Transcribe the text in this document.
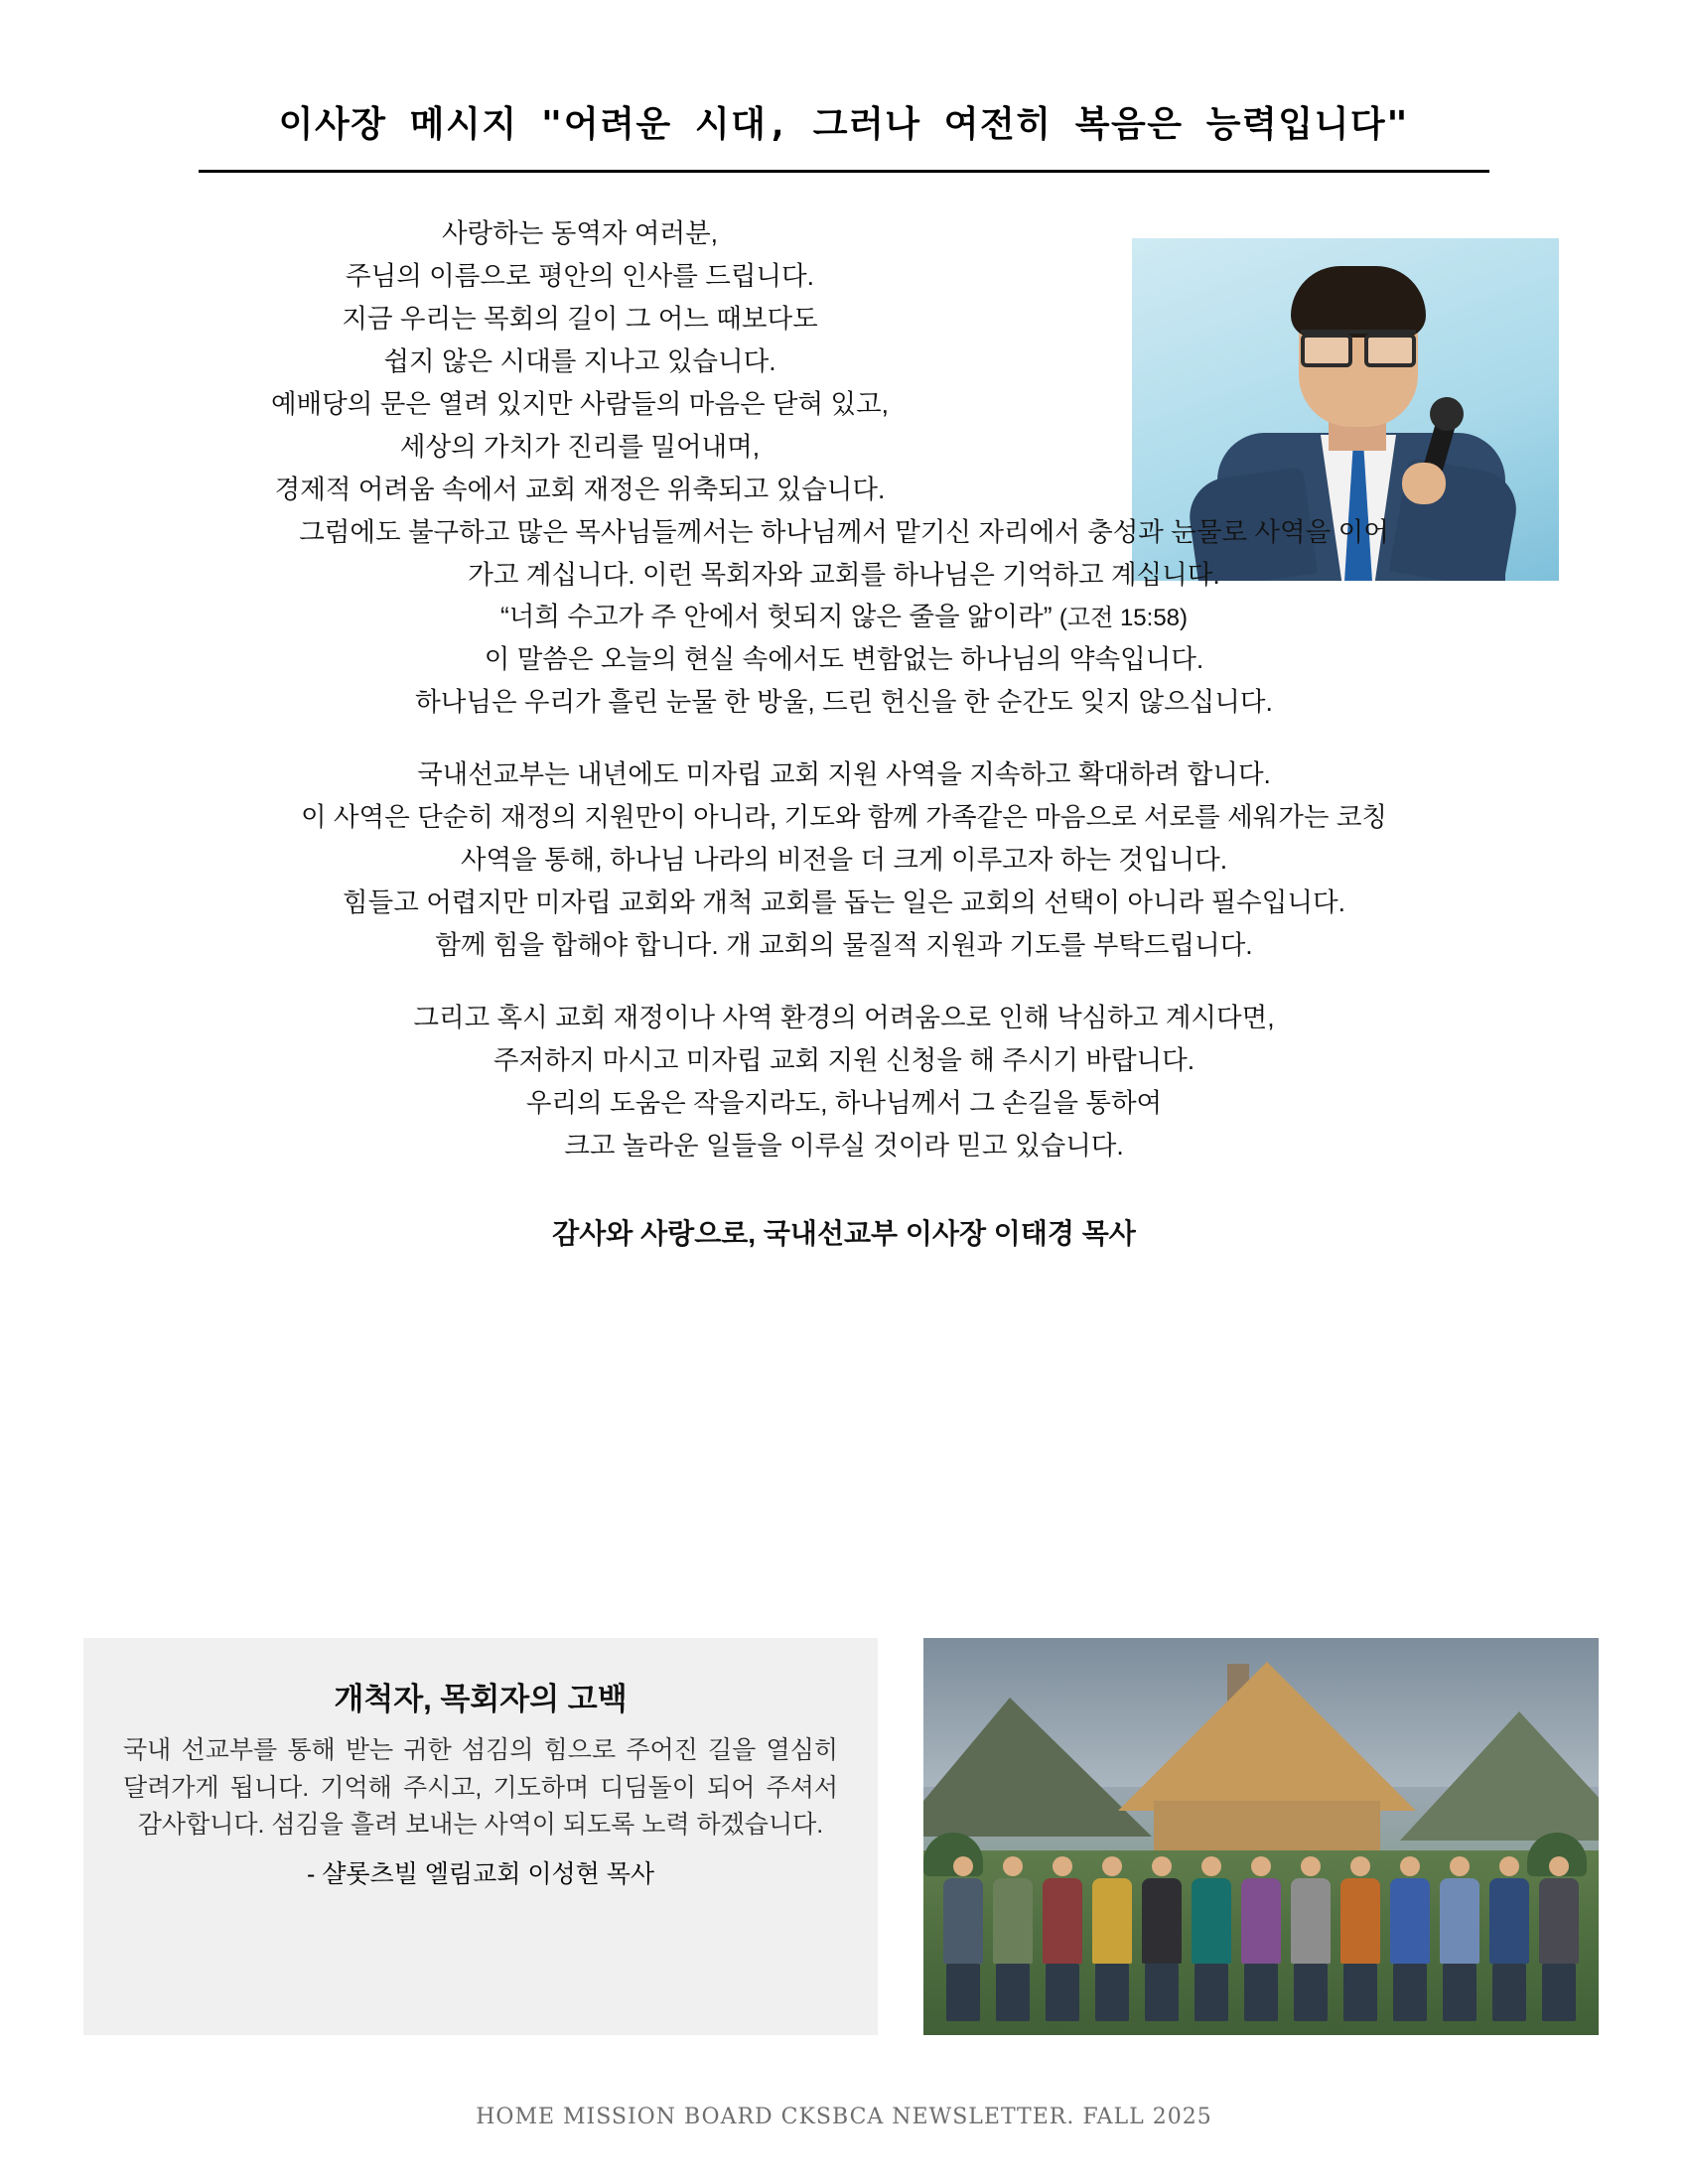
이사장 메시지 "어려운 시대, 그러나 여전히 복음은 능력입니다"

사랑하는 동역자 여러분,

주님의 이름으로 평안의 인사를 드립니다.

지금 우리는 목회의 길이 그 어느 때보다도

쉽지 않은 시대를 지나고 있습니다.

예배당의 문은 열려 있지만 사람들의 마음은 닫혀 있고,

세상의 가치가 진리를 밀어내며,

경제적 어려움 속에서 교회 재정은 위축되고 있습니다.

그럼에도 불구하고 많은 목사님들께서는 하나님께서 맡기신 자리에서 충성과 눈물로 사역을 이어

가고 계십니다. 이런 목회자와 교회를 하나님은 기억하고 계십니다.

“너희 수고가 주 안에서 헛되지 않은 줄을 앎이라” (고전 15:58)

이 말씀은 오늘의 현실 속에서도 변함없는 하나님의 약속입니다.

하나님은 우리가 흘린 눈물 한 방울, 드린 헌신을 한 순간도 잊지 않으십니다.

국내선교부는 내년에도 미자립 교회 지원 사역을 지속하고 확대하려 합니다.

이 사역은 단순히 재정의 지원만이 아니라, 기도와 함께 가족같은 마음으로 서로를 세워가는 코칭

사역을 통해, 하나님 나라의 비전을 더 크게 이루고자 하는 것입니다.

힘들고 어렵지만 미자립 교회와 개척 교회를 돕는 일은 교회의 선택이 아니라 필수입니다.

함께 힘을 합해야 합니다. 개 교회의 물질적 지원과 기도를 부탁드립니다.

그리고 혹시 교회 재정이나 사역 환경의 어려움으로 인해 낙심하고 계시다면,

주저하지 마시고 미자립 교회 지원 신청을 해 주시기 바랍니다.

우리의 도움은 작을지라도, 하나님께서 그 손길을 통하여

크고 놀라운 일들을 이루실 것이라 믿고 있습니다.

감사와 사랑으로, 국내선교부 이사장 이태경 목사
개척자, 목회자의 고백

국내 선교부를 통해 받는 귀한 섬김의 힘으로 주어진 길을 열심히 달려가게 됩니다. 기억해 주시고, 기도하며 디딤돌이 되어 주셔서 감사합니다. 섬김을 흘려 보내는 사역이 되도록 노력 하겠습니다.

- 샬롯츠빌 엘림교회 이성현 목사
HOME MISSION BOARD CKSBCA NEWSLETTER. FALL 2025
